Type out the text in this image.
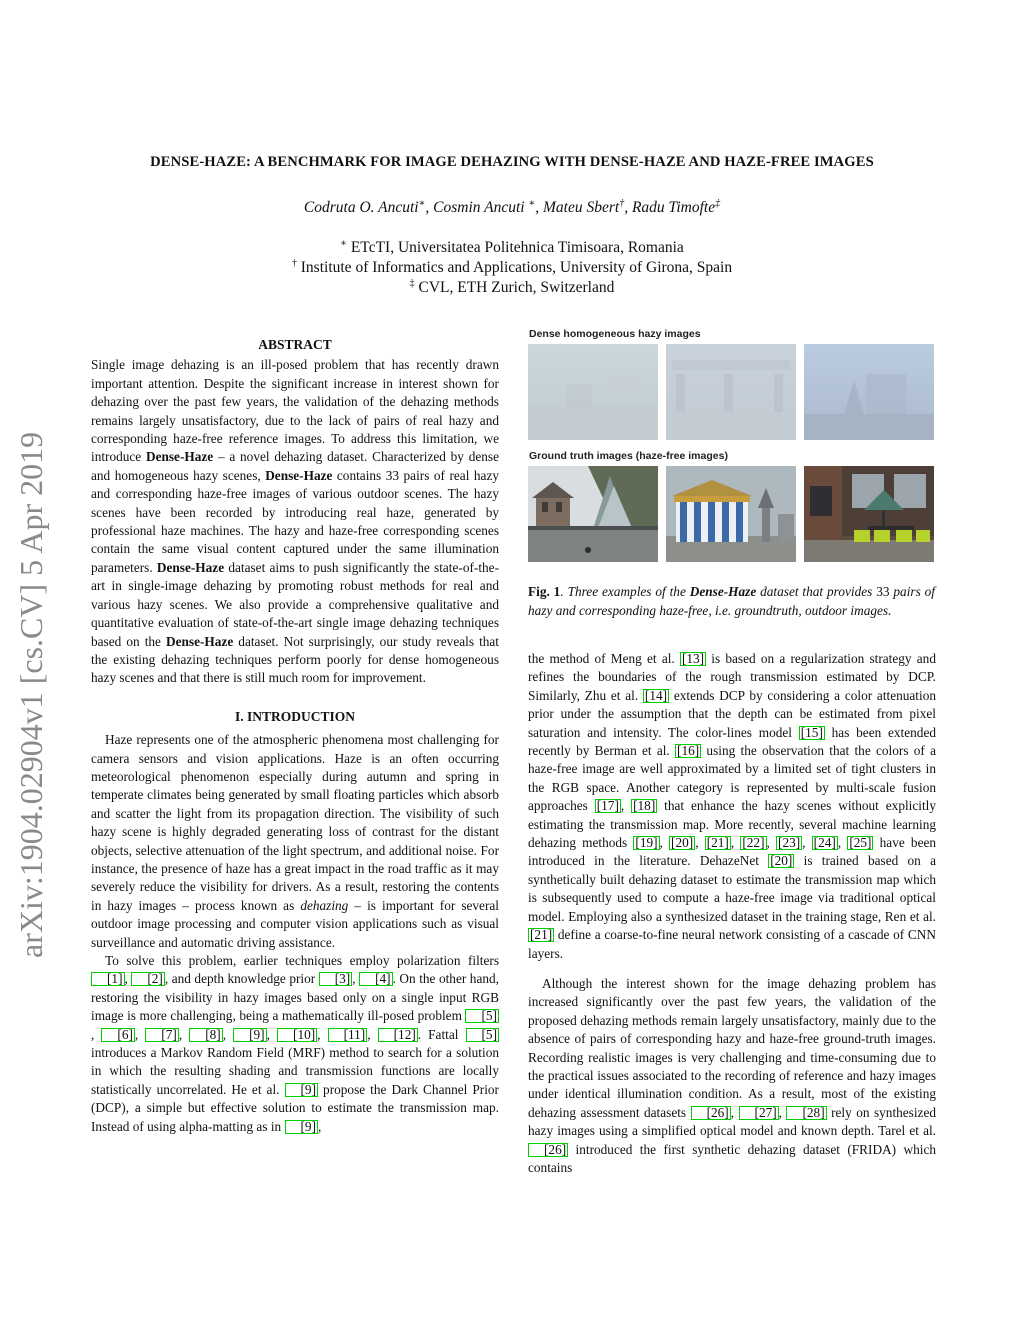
arXiv:1904.02904v1 [cs.CV] 5 Apr 2019
DENSE-HAZE: A BENCHMARK FOR IMAGE DEHAZING WITH DENSE-HAZE AND HAZE-FREE IMAGES
Codruta O. Ancuti∗, Cosmin Ancuti ∗, Mateu Sbert†, Radu Timofte‡
∗ ETcTI, Universitatea Politehnica Timisoara, Romania
† Institute of Informatics and Applications, University of Girona, Spain
‡ CVL, ETH Zurich, Switzerland
ABSTRACT

Single image dehazing is an ill-posed problem that has recently drawn important attention. Despite the significant increase in interest shown for dehazing over the past few years, the validation of the dehazing methods remains largely unsatisfactory, due to the lack of pairs of real hazy and corresponding haze-free reference images. To address this limitation, we introduce Dense-Haze – a novel dehazing dataset. Characterized by dense and homogeneous hazy scenes, Dense-Haze contains 33 pairs of real hazy and corresponding haze-free images of various outdoor scenes. The hazy scenes have been recorded by introducing real haze, generated by professional haze machines. The hazy and haze-free corresponding scenes contain the same visual content captured under the same illumination parameters. Dense-Haze dataset aims to push significantly the state-of-the-art in single-image dehazing by promoting robust methods for real and various hazy scenes. We also provide a comprehensive qualitative and quantitative evaluation of state-of-the-art single image dehazing techniques based on the Dense-Haze dataset. Not surprisingly, our study reveals that the existing dehazing techniques perform poorly for dense homogeneous hazy scenes and that there is still much room for improvement.

I. INTRODUCTION

Haze represents one of the atmospheric phenomena most challenging for camera sensors and vision applications. Haze is an often occurring meteorological phenomenon especially during autumn and spring in temperate climates being generated by small floating particles which absorb and scatter the light from its propagation direction. The visibility of such hazy scene is highly degraded generating loss of contrast for the distant objects, selective attenuation of the light spectrum, and additional noise. For instance, the presence of haze has a great impact in the road traffic as it may severely reduce the visibility for drivers. As a result, restoring the contents in hazy images – process known as dehazing – is important for several outdoor image processing and computer vision applications such as visual surveillance and automatic driving assistance.

To solve this problem, earlier techniques employ polarization filters [1] , [2] , and depth knowledge prior [3] , [4] . On the other hand, restoring the visibility in hazy images based only on a single input RGB image is more challenging, being a mathematically ill-posed problem [5], [6] , [7] , [8] , [9] , [10] , [11] , [12] . Fattal [5] introduces a Markov Random Field (MRF) method to search for a solution in which the resulting shading and transmission functions are locally statistically uncorrelated. He et al. [9] propose the Dark Channel Prior (DCP), a simple but effective solution to estimate the transmission map. Instead of using alpha-matting as in [9] ,

Dense homogeneous hazy images
Ground truth images (haze-free images)
Fig. 1. Three examples of the Dense-Haze dataset that provides 33 pairs of hazy and corresponding haze-free, i.e. groundtruth, outdoor images.

the method of Meng et al. [13] is based on a regularization strategy and refines the boundaries of the rough transmission estimated by DCP. Similarly, Zhu et al. [14] extends DCP by considering a color attenuation prior under the assumption that the depth can be estimated from pixel saturation and intensity. The color-lines model [15] has been extended recently by Berman et al. [16] using the observation that the colors of a haze-free image are well approximated by a limited set of tight clusters in the RGB space. Another category is represented by multi-scale fusion approaches [17] , [18] that enhance the hazy scenes without explicitly estimating the transmission map. More recently, several machine learning dehazing methods [19] , [20] , [21] , [22] , [23] , [24] , [25] have been introduced in the literature. DehazeNet [20] is trained based on a synthetically built dehazing dataset to estimate the transmission map which is subsequently used to compute a haze-free image via traditional optical model. Employing also a synthesized dataset in the training stage, Ren et al. [21] define a coarse-to-fine neural network consisting of a cascade of CNN layers.

Although the interest shown for the image dehazing problem has increased significantly over the past few years, the validation of the proposed dehazing methods remain largely unsatisfactory, mainly due to the absence of pairs of corresponding hazy and haze-free ground-truth images. Recording realistic images is very challenging and time-consuming due to the practical issues associated to the recording of reference and hazy images under identical illumination condition. As a result, most of the existing dehazing assessment datasets [26] , [27] , [28] rely on synthesized hazy images using a simplified optical model and known depth. Tarel et al. [26] introduced the first synthetic dehazing dataset (FRIDA) which contains
